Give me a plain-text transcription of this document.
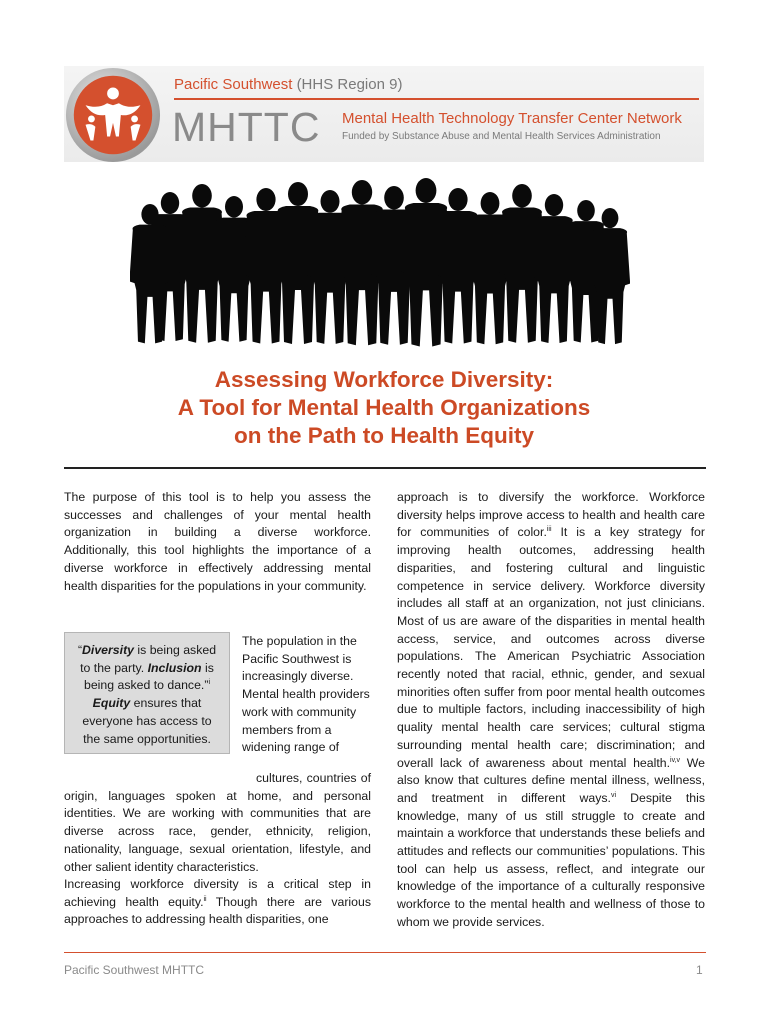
Pacific Southwest (HHS Region 9)
MHTTC Mental Health Technology Transfer Center Network
Funded by Substance Abuse and Mental Health Services Administration
Assessing Workforce Diversity:
A Tool for Mental Health Organizations
on the Path to Health Equity

The purpose of this tool is to help you assess the successes and challenges of your mental health organization in building a diverse workforce. Additionally, this tool highlights the importance of a diverse workforce in effectively addressing mental health disparities for the populations in your community.

“Diversity is being asked to the party. Inclusion is being asked to dance.”$^i$
Equity ensures that everyone has access to the same opportunities.

The population in the

Pacific Southwest is

increasingly diverse.

Mental health providers

work with community

members from a

widening range of

cultures, countries of origin, languages spoken at home, and personal identities. We are working with communities that are diverse across race, gender, ethnicity, religion, nationality, language, sexual orientation, lifestyle, and other salient identity characteristics.

Increasing workforce diversity is a critical step in achieving health equity.$^{ii}$ Though there are various approaches to addressing health disparities, one

approach is to diversify the workforce. Workforce diversity helps improve access to health and health care for communities of color.$^{iii}$ It is a key strategy for improving health outcomes, addressing health disparities, and fostering cultural and linguistic competence in service delivery. Workforce diversity includes all staff at an organization, not just clinicians. Most of us are aware of the disparities in mental health access, service, and outcomes across diverse populations. The American Psychiatric Association recently noted that racial, ethnic, gender, and sexual minorities often suffer from poor mental health outcomes due to multiple factors, including inaccessibility of high quality mental health care services; cultural stigma surrounding mental health care; discrimination; and overall lack of awareness about mental health.$^{iv,v}$ We also know that cultures define mental illness, wellness, and treatment in different ways.$^{vi}$ Despite this knowledge, many of us still struggle to create and maintain a workforce that understands these beliefs and attitudes and reflects our communities’ populations. This tool can help us assess, reflect, and integrate our knowledge of the importance of a culturally responsive workforce to the mental health and wellness of those to whom we provide services.

Pacific Southwest MHTTC	1
